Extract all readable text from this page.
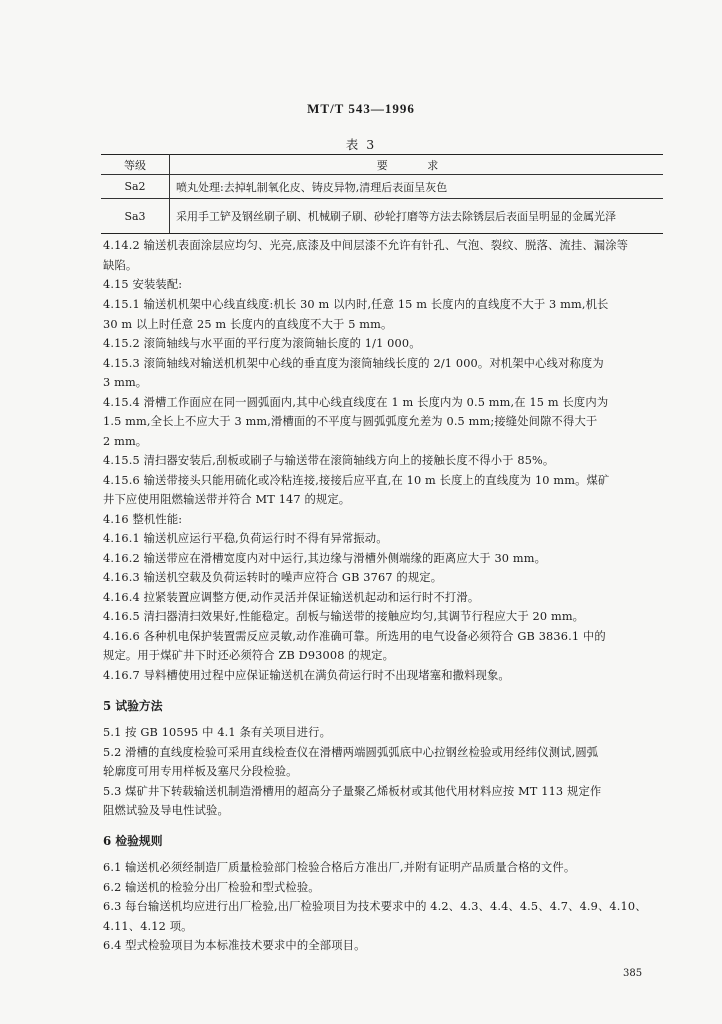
MT/T 543—1996
表 3
等级	要 求
Sa2	喷丸处理:去掉轧制氧化皮、铸皮异物,清理后表面呈灰色
Sa3	采用手工铲及钢丝刷子刷、机械刷子刷、砂轮打磨等方法去除锈层后表面呈明显的金属光泽
4.14.2 输送机表面涂层应均匀、光亮,底漆及中间层漆不允许有针孔、气泡、裂纹、脱落、流挂、漏涂等
缺陷。
4.15 安装装配:
4.15.1 输送机机架中心线直线度:机长 30 m 以内时,任意 15 m 长度内的直线度不大于 3 mm,机长
30 m 以上时任意 25 m 长度内的直线度不大于 5 mm。
4.15.2 滚筒轴线与水平面的平行度为滚筒轴长度的 1/1 000。
4.15.3 滚筒轴线对输送机机架中心线的垂直度为滚筒轴线长度的 2/1 000。对机架中心线对称度为
3 mm。
4.15.4 滑槽工作面应在同一圆弧面内,其中心线直线度在 1 m 长度内为 0.5 mm,在 15 m 长度内为
1.5 mm,全长上不应大于 3 mm,滑槽面的不平度与圆弧弧度允差为 0.5 mm;接缝处间隙不得大于
2 mm。
4.15.5 清扫器安装后,刮板或刷子与输送带在滚筒轴线方向上的接触长度不得小于 85%。
4.15.6 输送带接头只能用硫化或冷粘连接,接接后应平直,在 10 m 长度上的直线度为 10 mm。煤矿
井下应使用阻燃输送带并符合 MT 147 的规定。
4.16 整机性能:
4.16.1 输送机应运行平稳,负荷运行时不得有异常振动。
4.16.2 输送带应在滑槽宽度内对中运行,其边缘与滑槽外侧端缘的距离应大于 30 mm。
4.16.3 输送机空载及负荷运转时的噪声应符合 GB 3767 的规定。
4.16.4 拉紧装置应调整方便,动作灵活并保证输送机起动和运行时不打滑。
4.16.5 清扫器清扫效果好,性能稳定。刮板与输送带的接触应均匀,其调节行程应大于 20 mm。
4.16.6 各种机电保护装置需反应灵敏,动作准确可靠。所选用的电气设备必须符合 GB 3836.1 中的
规定。用于煤矿井下时还必须符合 ZB D93008 的规定。
4.16.7 导料槽使用过程中应保证输送机在满负荷运行时不出现堵塞和撒料现象。
5 试验方法
5.1 按 GB 10595 中 4.1 条有关项目进行。
5.2 滑槽的直线度检验可采用直线检查仪在滑槽两端圆弧弧底中心拉钢丝检验或用经纬仪测试,圆弧
轮廓度可用专用样板及塞尺分段检验。
5.3 煤矿井下转载输送机制造滑槽用的超高分子量聚乙烯板材或其他代用材料应按 MT 113 规定作
阻燃试验及导电性试验。
6 检验规则
6.1 输送机必须经制造厂质量检验部门检验合格后方准出厂,并附有证明产品质量合格的文件。
6.2 输送机的检验分出厂检验和型式检验。
6.3 每台输送机均应进行出厂检验,出厂检验项目为技术要求中的 4.2、4.3、4.4、4.5、4.7、4.9、4.10、
4.11、4.12 项。
6.4 型式检验项目为本标准技术要求中的全部项目。
385
